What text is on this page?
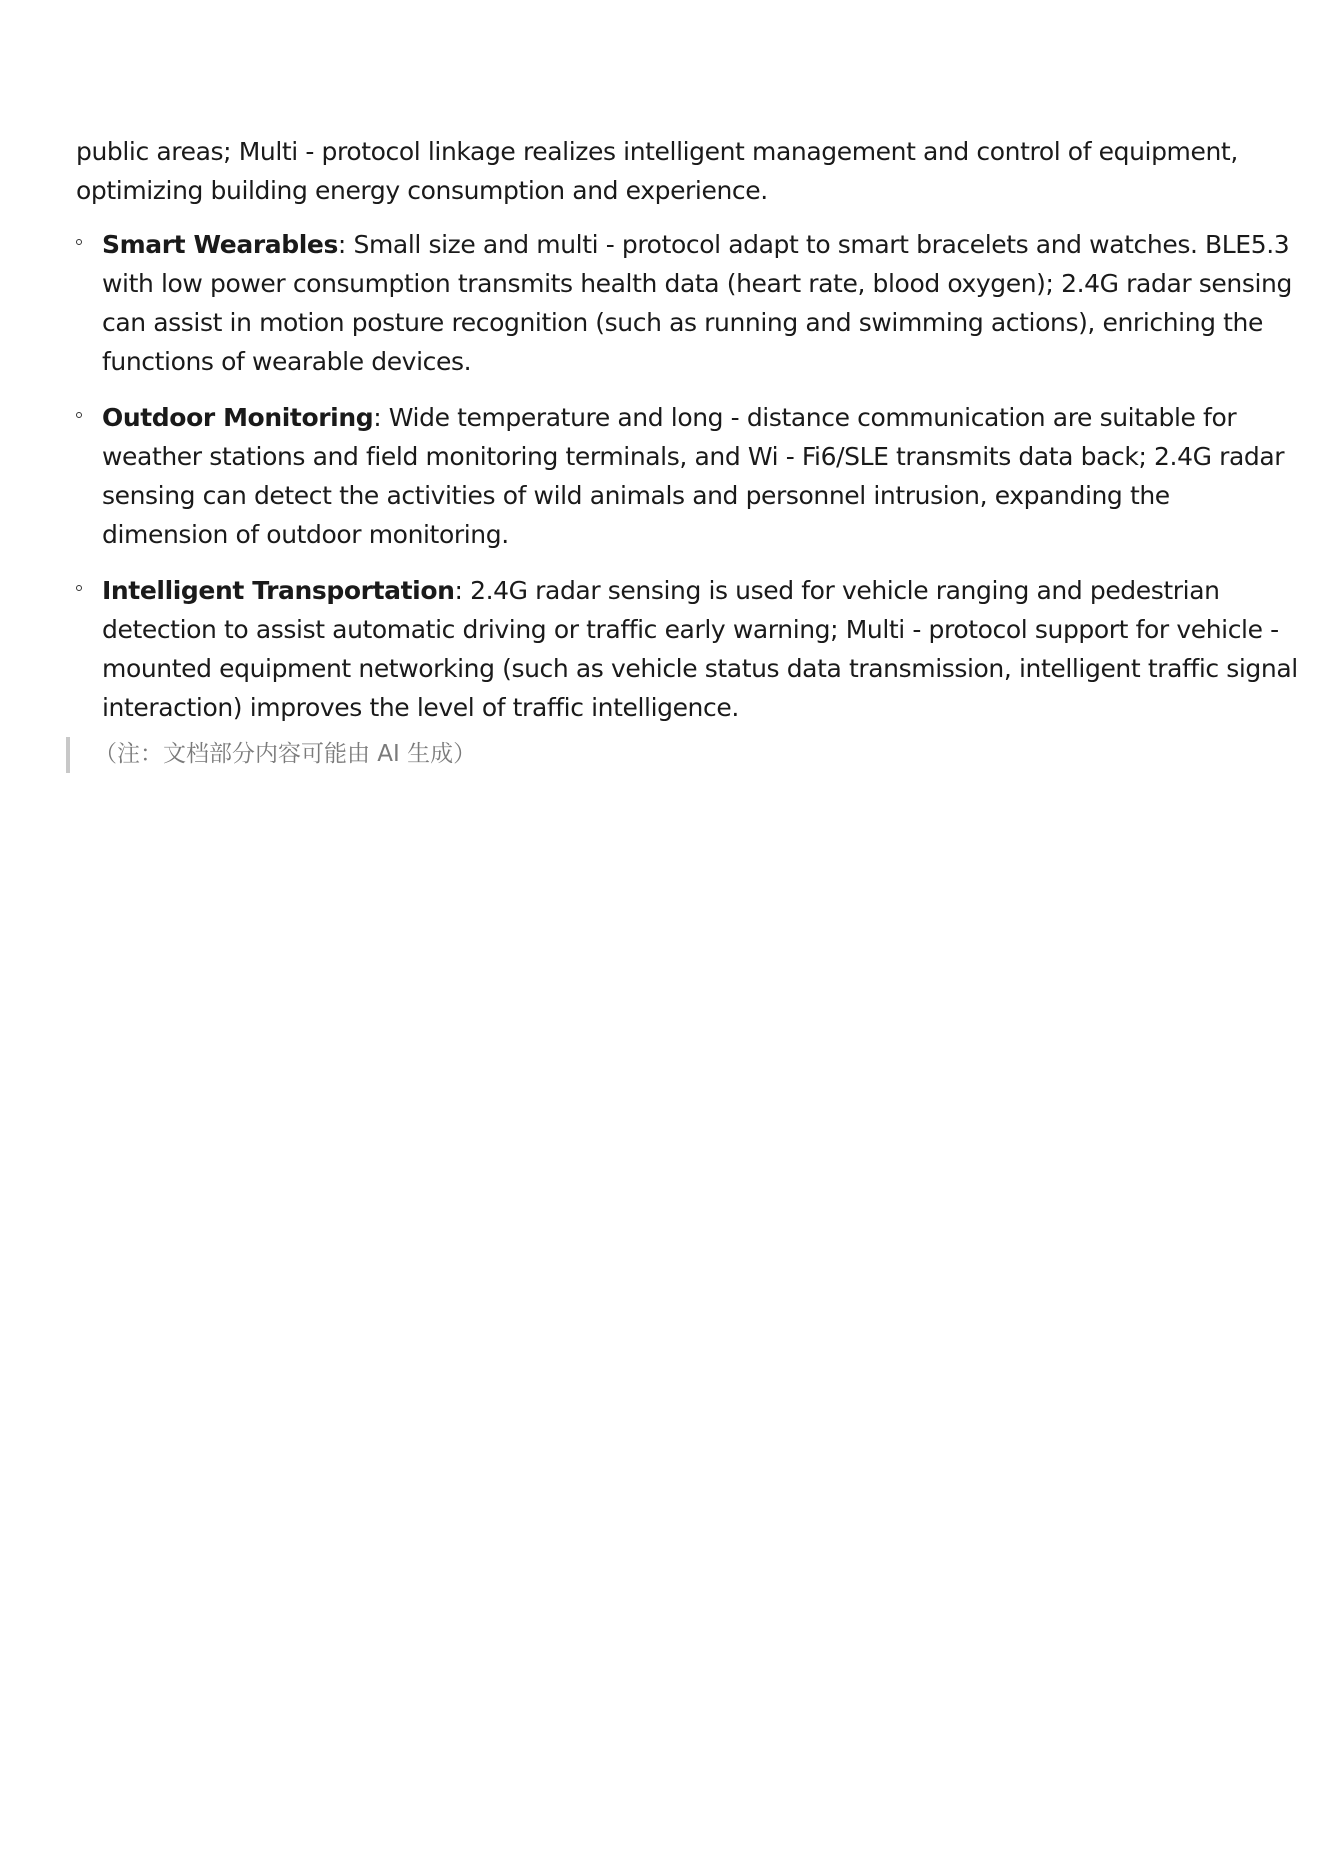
public areas; Multi - protocol linkage realizes intelligent management and control of equipment, optimizing building energy consumption and experience.

Smart Wearables: Small size and multi - protocol adapt to smart bracelets and watches. BLE5.3 with low power consumption transmits health data (heart rate, blood oxygen); 2.4G radar sensing can assist in motion posture recognition (such as running and swimming actions), enriching the functions of wearable devices.
Outdoor Monitoring: Wide temperature and long - distance communication are suitable for weather stations and field monitoring terminals, and Wi - Fi6/SLE transmits data back; 2.4G radar sensing can detect the activities of wild animals and personnel intrusion, expanding the dimension of outdoor monitoring.
Intelligent Transportation: 2.4G radar sensing is used for vehicle ranging and pedestrian detection to assist automatic driving or traffic early warning; Multi - protocol support for vehicle - mounted equipment networking (such as vehicle status data transmission, intelligent traffic signal interaction) improves the level of traffic intelligence.
（注：文档部分内容可能由 AI 生成）
